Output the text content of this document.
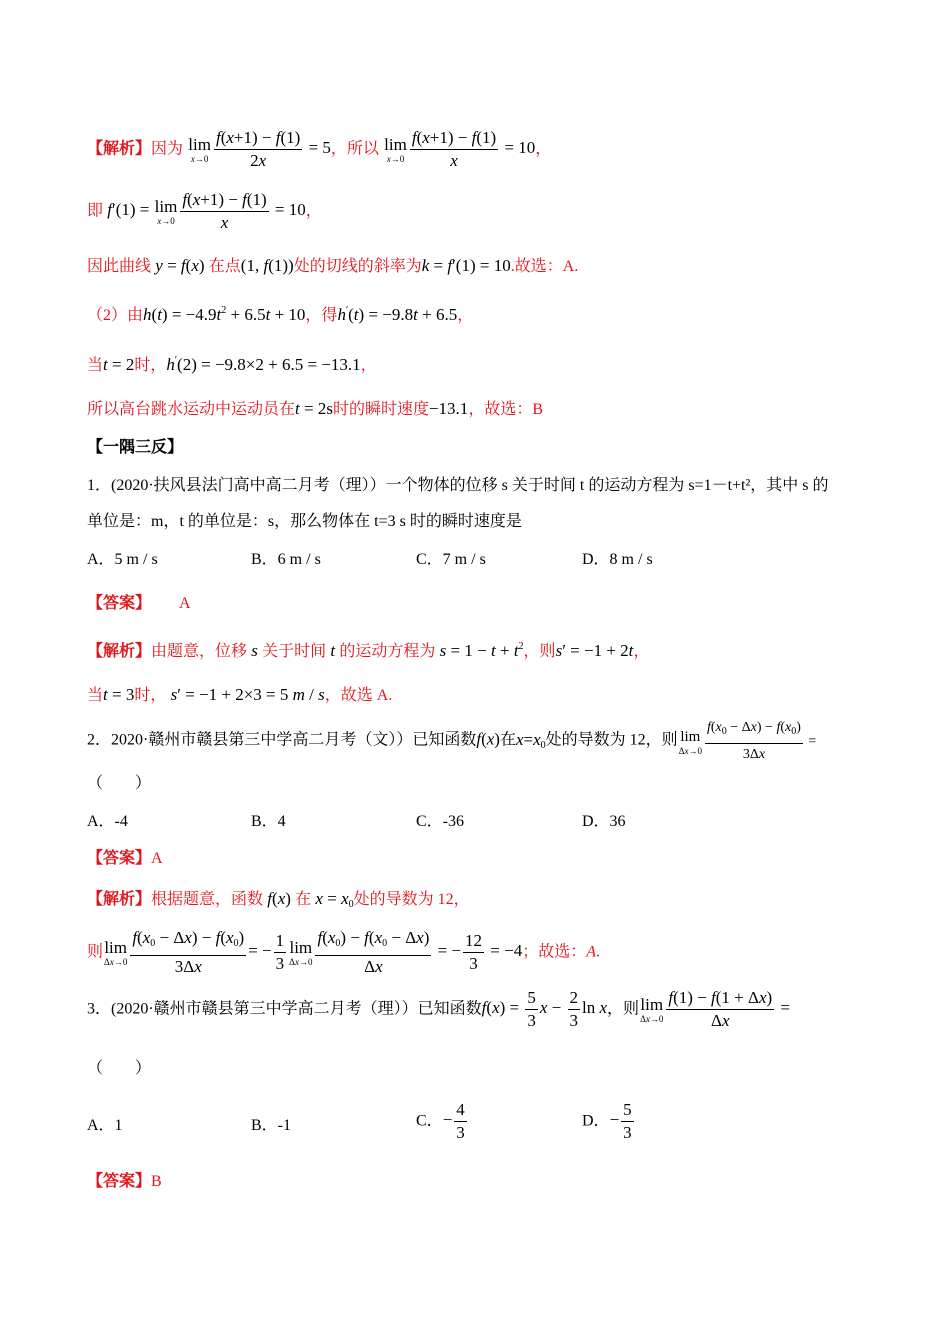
【解析】因为 lim
$x\to 0 \frac{f(x+1) - f(1)}{2x} = 5$，所以 lim
$x\to 0 \frac{f(x+1) - f(1)}{x} = 10$，
即 f′(1) = lim
$x\to 0 \frac{f(x+1) - f(1)}{x} = 10$，
因此曲线 y = f(x) 在点(1, f(1))处的切线的斜率为k = f′(1) = 10.故选：A.
（2）由$h(t) = -4.9t^2 + 6.5t + 10$，得h′(t) = −9.8t + 6.5，
当t = 2时，h′(2) = −9.8×2 + 6.5 = −13.1，
所以高台跳水运动中运动员在t = 2s时的瞬时速度−13.1，故选：B
【一隅三反】
1．(2020·扶风县法门高中高二月考（理））一个物体的位移 s 关于时间 t 的运动方程为 s=1－t+t²，其中 s 的
单位是：m，t 的单位是：s，那么物体在 t=3 s 时的瞬时速度是
A．5 m / s	B．6 m / s	C．7 m / s	D．8 m / s
【答案】 A
【解析】由题意，位移 s 关于时间 t 的运动方程为 $s = 1 - t + t^2$，则s′ = −1 + 2t，
当t = 3时， s′ = −1 + 2×3 = 5 m / s，故选 A.
2．2020·赣州市赣县第三中学高二月考（文））已知函数f(x)在$x=x_0$处的导数为 12，则 lim
$\Delta x\to 0 \frac{f(x_0 - \Delta x) - f(x_0)}{3\Delta x}$ =
（　　）
A．-4	B．4	C．-36	D．36
【答案】A
【解析】根据题意，函数 f(x) 在 $x = x_0$处的导数为 12，
则 lim
$\Delta x\to 0 \frac{f(x_0 - \Delta x) - f(x_0)}{3\Delta x}$ = − $\frac{1}{3}$ lim
$\Delta x\to 0 \frac{f(x_0) - f(x_0 - \Delta x)}{\Delta x}$ = − $\frac{12}{3} = -4$；故选：A.
3．(2020·赣州市赣县第三中学高二月考（理））已知函数$f(x) = \frac{5}{3}$ $x - \frac{2}{3}$ ln x，则 lim
$\Delta x\to 0 \frac{f(1) - f(1 + \Delta x)}{\Delta x}$ =
（　　）
A．1	B．-1	C．− $\frac{4}{3}$	D．− $\frac{5}{3}$
【答案】B
